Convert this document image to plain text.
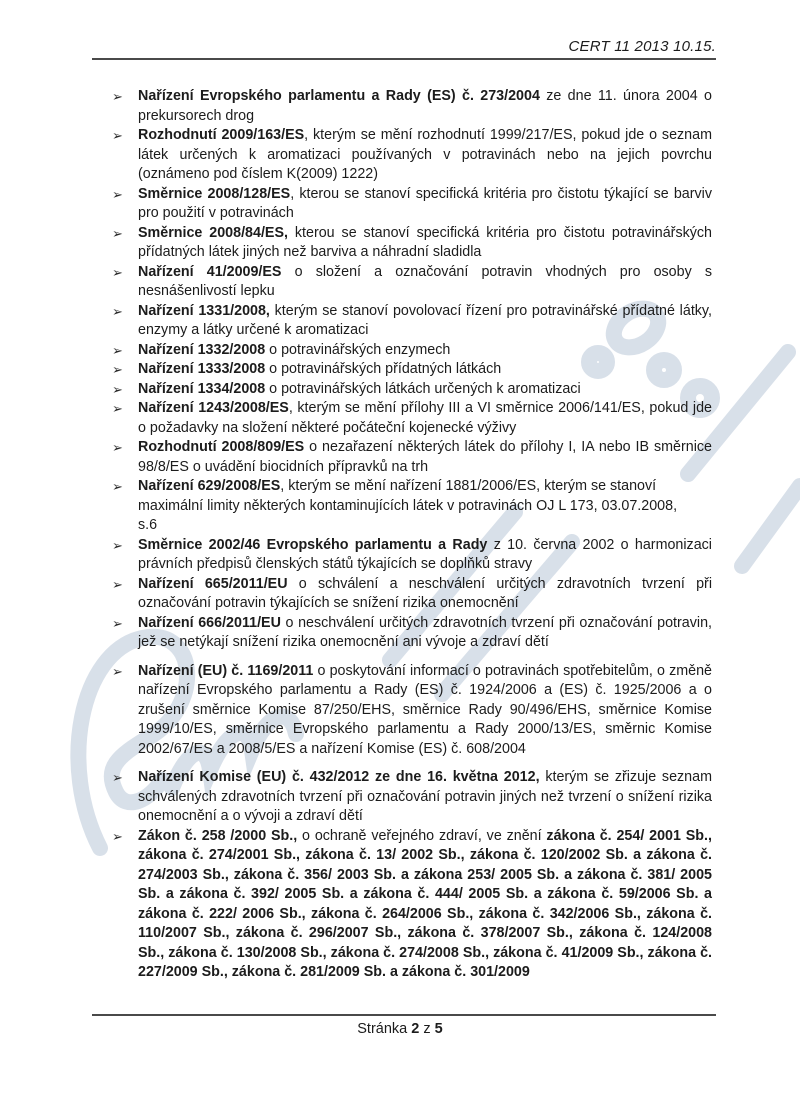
CERT 11 2013 10.15.
➢ Nařízení Evropského parlamentu a Rady (ES) č. 273/2004 ze dne 11. února 2004 o prekursorech drog
➢ Rozhodnutí 2009/163/ES, kterým se mění rozhodnutí 1999/217/ES, pokud jde o seznam látek určených k aromatizaci používaných v potravinách nebo na jejich povrchu (oznámeno pod číslem K(2009) 1222)
➢ Směrnice 2008/128/ES, kterou se stanoví specifická kritéria pro čistotu týkající se barviv pro použití v potravinách
➢ Směrnice 2008/84/ES, kterou se stanoví specifická kritéria pro čistotu potravinářských přídatných látek jiných než barviva a náhradní sladidla
➢ Nařízení 41/2009/ES o složení a označování potravin vhodných pro osoby s nesnášenlivostí lepku
➢ Nařízení 1331/2008, kterým se stanoví povolovací řízení pro potravinářské přídatné látky, enzymy a látky určené k aromatizaci
➢ Nařízení 1332/2008 o potravinářských enzymech
➢ Nařízení 1333/2008 o potravinářských přídatných látkách
➢ Nařízení 1334/2008 o potravinářských látkách určených k aromatizaci
➢ Nařízení 1243/2008/ES, kterým se mění přílohy III a VI směrnice 2006/141/ES, pokud jde o požadavky na složení některé počáteční kojenecké výživy
➢ Rozhodnutí 2008/809/ES o nezařazení některých látek do přílohy I, IA nebo IB směrnice 98/8/ES o uvádění biocidních přípravků na trh
➢ Nařízení 629/2008/ES, kterým se mění nařízení 1881/2006/ES, kterým se stanoví
maximální limity některých kontaminujících látek v potravinách OJ L 173, 03.07.2008,
s.6
➢ Směrnice 2002/46 Evropského parlamentu a Rady z 10. června 2002 o harmonizaci právních předpisů členských států týkajících se doplňků stravy
➢ Nařízení 665/2011/EU o schválení a neschválení určitých zdravotních tvrzení při označování potravin týkajících se snížení rizika onemocnění
➢ Nařízení 666/2011/EU o neschválení určitých zdravotních tvrzení při označování potravin, jež se netýkají snížení rizika onemocnění ani vývoje a zdraví dětí
➢ Nařízení (EU) č. 1169/2011 o poskytování informací o potravinách spotřebitelům, o změně nařízení Evropského parlamentu a Rady (ES) č. 1924/2006 a (ES) č. 1925/2006 a o zrušení směrnice Komise 87/250/EHS, směrnice Rady 90/496/EHS, směrnice Komise 1999/10/ES, směrnice Evropského parlamentu a Rady 2000/13/ES, směrnic Komise 2002/67/ES a 2008/5/ES a nařízení Komise (ES) č. 608/2004
➢ Nařízení Komise (EU) č. 432/2012 ze dne 16. května 2012, kterým se zřizuje seznam schválených zdravotních tvrzení při označování potravin jiných než tvrzení o snížení rizika onemocnění a o vývoji a zdraví dětí
➢ Zákon č. 258 /2000 Sb., o ochraně veřejného zdraví, ve znění zákona č. 254/ 2001 Sb., zákona č. 274/2001 Sb., zákona č. 13/ 2002 Sb., zákona č. 120/2002 Sb. a zákona č. 274/2003 Sb., zákona č. 356/ 2003 Sb. a zákona 253/ 2005 Sb. a zákona č. 381/ 2005 Sb. a zákona č. 392/ 2005 Sb. a zákona č. 444/ 2005 Sb. a zákona č. 59/2006 Sb. a zákona č. 222/ 2006 Sb., zákona č. 264/2006 Sb., zákona č. 342/2006 Sb., zákona č. 110/2007 Sb., zákona č. 296/2007 Sb., zákona č. 378/2007 Sb., zákona č. 124/2008 Sb., zákona č. 130/2008 Sb., zákona č. 274/2008 Sb., zákona č. 41/2009 Sb., zákona č. 227/2009 Sb., zákona č. 281/2009 Sb. a zákona č. 301/2009
Stránka 2 z 5
